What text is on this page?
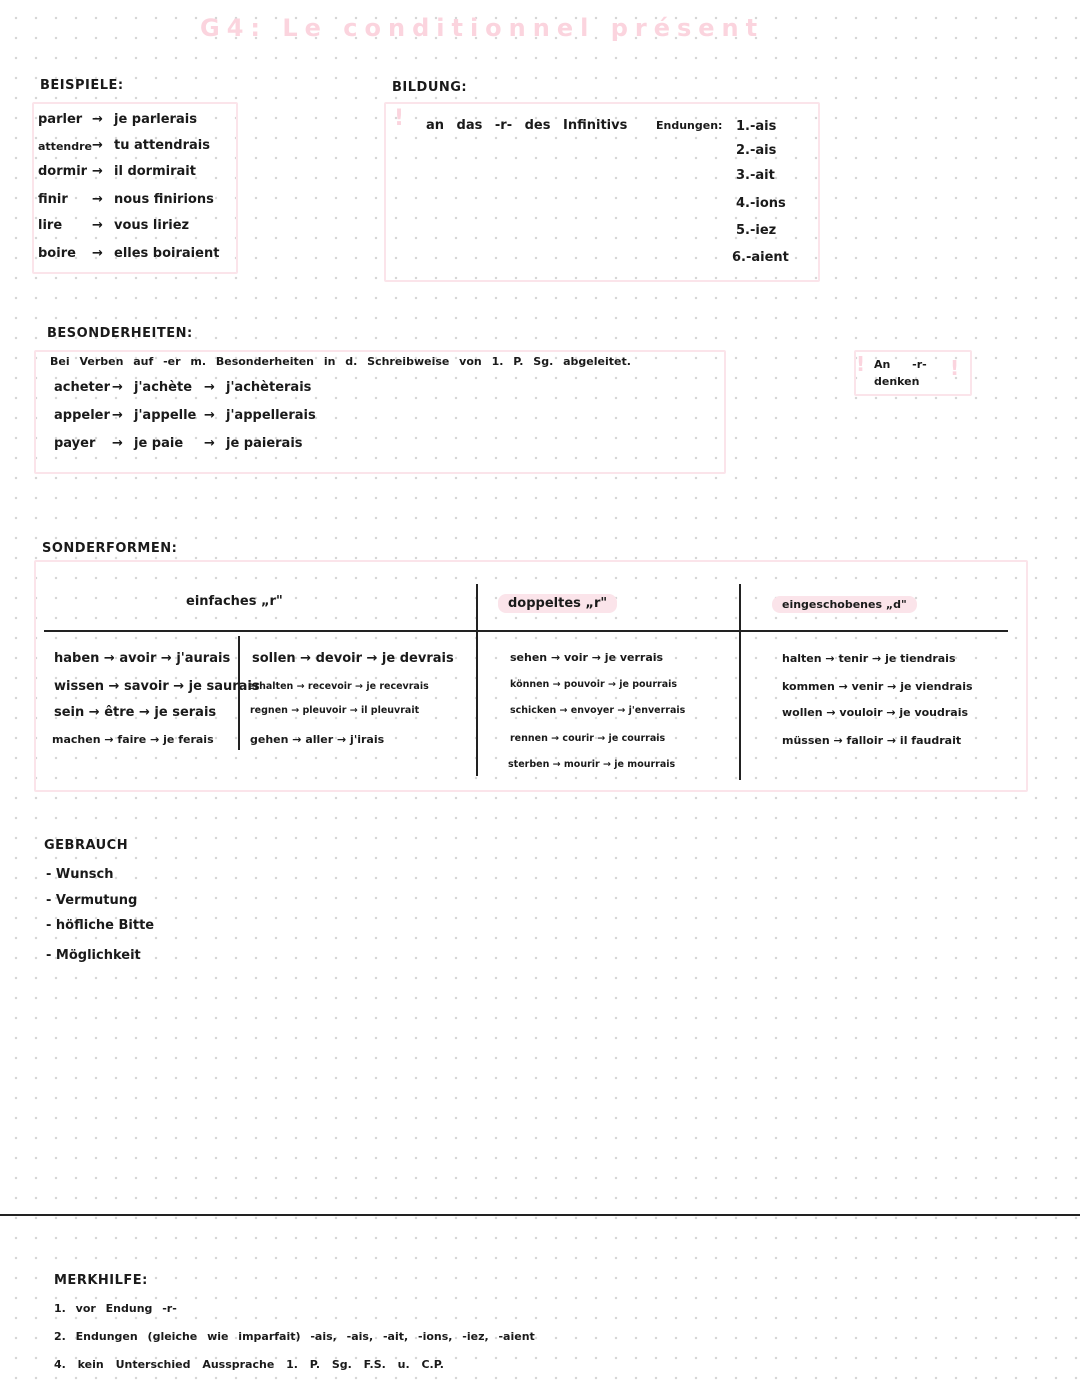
G4: Le conditionnel présent
BEISPIELE:
parler → je parlerais
attendre → tu attendrais
dormir → il dormirait
finir → nous finirions
lire → vous liriez
boire → elles boiraient
BILDUNG:
! an das -r- des Infinitivs	Endungen: 1.-ais
2.-ais
3.-ait
4.-ions
5.-iez
6.-aient
BESONDERHEITEN:
Bei Verben auf -er m. Besonderheiten in d. Schreibweise von 1. P. Sg. abgeleitet.
acheter → j'achète → j'achèterais
appeler → j'appelle → j'appellerais
payer → je paie → je paierais
!	!
An -r- denken
SONDERFORMEN:
einfaches „r"	doppeltes „r"	eingeschobenes „d"
haben → avoir → j'aurais
wissen → savoir → je saurais
sein → être → je serais
machen → faire → je ferais
sollen → devoir → je devrais
erhalten → recevoir → je recevrais
regnen → pleuvoir → il pleuvrait
gehen → aller → j'irais
sehen → voir → je verrais
können → pouvoir → je pourrais
schicken → envoyer → j'enverrais
rennen → courir → je courrais
sterben → mourir → je mourrais
halten → tenir → je tiendrais
kommen → venir → je viendrais
wollen → vouloir → je voudrais
müssen → falloir → il faudrait
GEBRAUCH
- Wunsch
- Vermutung
- höfliche Bitte
- Möglichkeit
MERKHILFE:
1. vor Endung -r-
2. Endungen (gleiche wie imparfait) -ais, -ais, -ait, -ions, -iez, -aient
4. kein Unterschied Aussprache 1. P. Sg. F.S. u. C.P.
